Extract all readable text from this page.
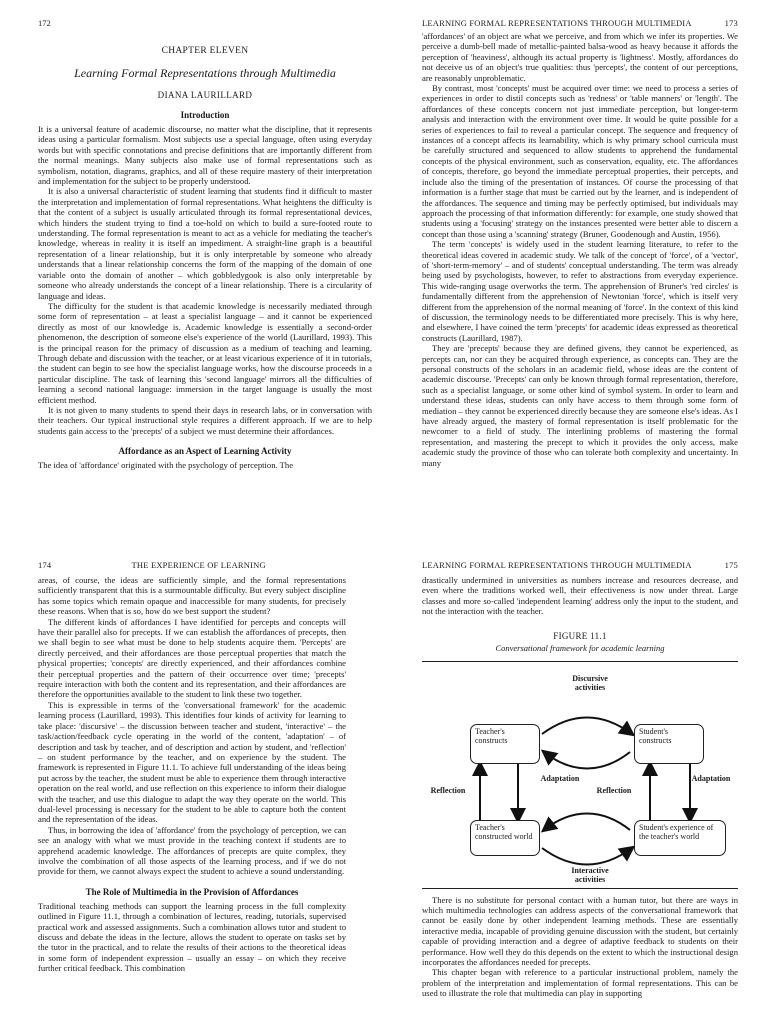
172
CHAPTER ELEVEN
Learning Formal Representations through Multimedia
DIANA LAURILLARD
Introduction

It is a universal feature of academic discourse, no matter what the discipline, that it represents ideas using a particular formalism. Most subjects use a special language, often using everyday words but with specific connotations and precise definitions that are importantly different from the normal meanings. Many subjects also make use of formal representations such as symbolism, notation, diagrams, graphics, and all of these require mastery of their interpretation and implementation for the subject to be properly understood.

It is also a universal characteristic of student learning that students find it difficult to master the interpretation and implementation of formal representations. What heightens the difficulty is that the content of a subject is usually articulated through its formal representational devices, which hinders the student trying to find a toe-hold on which to build a sure-footed route to understanding. The formal representation is meant to act as a vehicle for mediating the teacher's knowledge, whereas in reality it is itself an impediment. A straight-line graph is a beautiful representation of a linear relationship, but it is only interpretable by someone who already understands that a linear relationship concerns the form of the mapping of the domain of one variable onto the domain of another – which gobbledygook is also only interpretable by someone who already understands the concept of a linear relationship. There is a circularity of language and ideas.

The difficulty for the student is that academic knowledge is necessarily mediated through some form of representation – at least a specialist language – and it cannot be experienced directly as most of our knowledge is. Academic knowledge is essentially a second-order phenomenon, the description of someone else's experience of the world (Laurillard, 1993). This is the principal reason for the primacy of discussion as a medium of teaching and learning. Through debate and discussion with the teacher, or at least vicarious experience of it in tutorials, the student can begin to see how the specialist language works, how the discourse proceeds in a particular discipline. The task of learning this 'second language' mirrors all the difficulties of learning a second national language: immersion in the target language is usually the most efficient method.

It is not given to many students to spend their days in research labs, or in conversation with their teachers. Our typical instructional style requires a different approach. If we are to help students gain access to the 'precepts' of a subject we must determine their affordances.

Affordance as an Aspect of Learning Activity

The idea of 'affordance' originated with the psychology of perception. The

LEARNING FORMAL REPRESENTATIONS THROUGH MULTIMEDIA	173

'affordances' of an object are what we perceive, and from which we infer its properties. We perceive a dumb-bell made of metallic-painted balsa-wood as heavy because it affords the perception of 'heaviness', although its actual property is 'lightness'. Mostly, affordances do not deceive us of an object's true qualities: thus 'percepts', the content of our perceptions, are reasonably unproblematic.

By contrast, most 'concepts' must be acquired over time: we need to process a series of experiences in order to distil concepts such as 'redness' or 'table manners' or 'length'. The affordances of these concepts concern not just immediate perception, but longer-term analysis and interaction with the environment over time. It would be quite possible for a series of experiences to fail to reveal a particular concept. The sequence and frequency of instances of a concept affects its learnability, which is why primary school curricula must be carefully structured and sequenced to allow students to apprehend the fundamental concepts of the physical environment, such as conservation, equality, etc. The affordances of concepts, therefore, go beyond the immediate perceptual properties, their percepts, and include also the timing of the presentation of instances. Of course the processing of that information is a further stage that must be carried out by the learner, and is independent of the affordances. The sequence and timing may be perfectly optimised, but individuals may approach the processing of that information differently: for example, one study showed that students using a 'focusing' strategy on the instances presented were better able to discern a concept than those using a 'scanning' strategy (Bruner, Goodenough and Austin, 1956).

The term 'concepts' is widely used in the student learning literature, to refer to the theoretical ideas covered in academic study. We talk of the concept of 'force', of a 'vector', of 'short-term-memory' – and of students' conceptual understanding. The term was already being used by psychologists, however, to refer to abstractions from everyday experience. This wide-ranging usage overworks the term. The apprehension of Bruner's 'red circles' is fundamentally different from the apprehension of Newtonian 'force', which is itself very different from the apprehension of the normal meaning of 'force'. In the context of this kind of discussion, the terminology needs to be differentiated more precisely. This is why here, and elsewhere, I have coined the term 'precepts' for academic ideas expressed as theoretical constructs (Laurillard, 1987).

They are 'precepts' because they are defined givens, they cannot be experienced, as percepts can, nor can they be acquired through experience, as concepts can. They are the personal constructs of the scholars in an academic field, whose ideas are the content of academic discourse. 'Precepts' can only be known through formal representation, therefore, such as a specialist language, or some other kind of symbol system. In order to learn and understand these ideas, students can only have access to them through some form of mediation – they cannot be experienced directly because they are someone else's ideas. As I have already argued, the mastery of formal representation is itself problematic for the newcomer to a field of study. The interlining problems of mastering the formal representation, and mastering the precept to which it provides the only access, make academic study the province of those who can tolerate both complexity and uncertainty. In many

174	THE EXPERIENCE OF LEARNING

areas, of course, the ideas are sufficiently simple, and the formal representations sufficiently transparent that this is a surmountable difficulty. But every subject discipline has some topics which remain opaque and inaccessible for many students, for precisely these reasons. When that is so, how do we best support the student?

The different kinds of affordances I have identified for percepts and concepts will have their parallel also for precepts. If we can establish the affordances of precepts, then we shall begin to see what must be done to help students acquire them. 'Percepts' are directly perceived, and their affordances are those perceptual properties that match the physical properties; 'concepts' are directly experienced, and their affordances combine their perceptual properties and the pattern of their occurrence over time; 'precepts' require interaction with both the content and its representation, and their affordances are therefore the opportunities available to the student to link these two together.

This is expressible in terms of the 'conversational framework' for the academic learning process (Laurillard, 1993). This identifies four kinds of activity for learning to take place: 'discursive' – the discussion between teacher and student, 'interactive' – the task/action/feedback cycle operating in the world of the content, 'adaptation' – of description and task by teacher, and of description and action by student, and 'reflection' – on student performance by the teacher, and on experience by the student. The framework is represented in Figure 11.1. To achieve full understanding of the ideas being put across by the teacher, the student must be able to experience them through interactive operation on the real world, and use reflection on this experience to inform their dialogue with the teacher, and use this dialogue to adapt the way they operate on the world. This dual-level processing is necessary for the student to be able to capture both the content and the representation of the ideas.

Thus, in borrowing the idea of 'affordance' from the psychology of perception, we can see an analogy with what we must provide in the teaching context if students are to apprehend academic knowledge. The affordances of precepts are quite complex, they involve the combination of all those aspects of the learning process, and if we do not provide for them, we cannot always expect the student to achieve a sound understanding.

The Role of Multimedia in the Provision of Affordances

Traditional teaching methods can support the learning process in the full complexity outlined in Figure 11.1, through a combination of lectures, reading, tutorials, supervised practical work and assessed assignments. Such a combination allows tutor and student to discuss and debate the ideas in the lecture, allows the student to operate on tasks set by the tutor in the practical, and to relate the results of their actions to the theoretical ideas in some form of independent expression – usually an essay – on which they receive further critical feedback. This combination

LEARNING FORMAL REPRESENTATIONS THROUGH MULTIMEDIA	175

drastically undermined in universities as numbers increase and resources decrease, and even where the traditions worked well, their effectiveness is now under threat. Large classes and more so-called 'independent learning' address only the input to the student, and not the interaction with the teacher.

FIGURE 11.1
Conversational framework for academic learning
Discursive activities
Teacher's constructs
Student's constructs
Adaptation	Adaptation
Reflection	Reflection
Teacher's constructed world
Student's experience of the teacher's world
Interactive activities

There is no substitute for personal contact with a human tutor, but there are ways in which multimedia technologies can address aspects of the conversational framework that cannot be easily done by other independent learning methods. These are essentially interactive media, incapable of providing genuine discussion with the student, but certainly capable of providing interaction and a degree of adaptive feedback to students on their performance. How well they do this depends on the extent to which the instructional design incorporates the affordances needed for precepts.

This chapter began with reference to a particular instructional problem, namely the problem of the interpretation and implementation of formal representations. This can be used to illustrate the role that multimedia can play in supporting
